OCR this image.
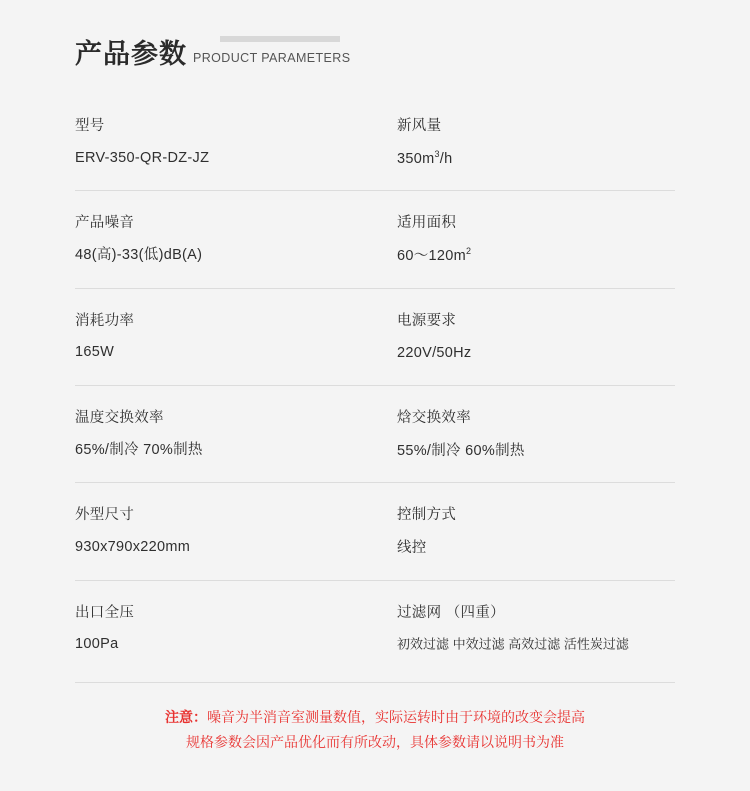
产品参数 PRODUCT PARAMETERS
型号
ERV-350-QR-DZ-JZ
新风量
$350m^3/h$
产品噪音
48(高)-33(低)dB(A)
适用面积
$60\sim 120m^2$
消耗功率
165W
电源要求
220V/50Hz
温度交换效率
65%/制冷 70%制热
焓交换效率
55%/制冷 60%制热
外型尺寸
930x790x220mm
控制方式
线控
出口全压
100Pa
过滤网 （四重）
初效过滤 中效过滤 高效过滤 活性炭过滤
注意：噪音为半消音室测量数值，实际运转时由于环境的改变会提高
规格参数会因产品优化而有所改动，具体参数请以说明书为准
